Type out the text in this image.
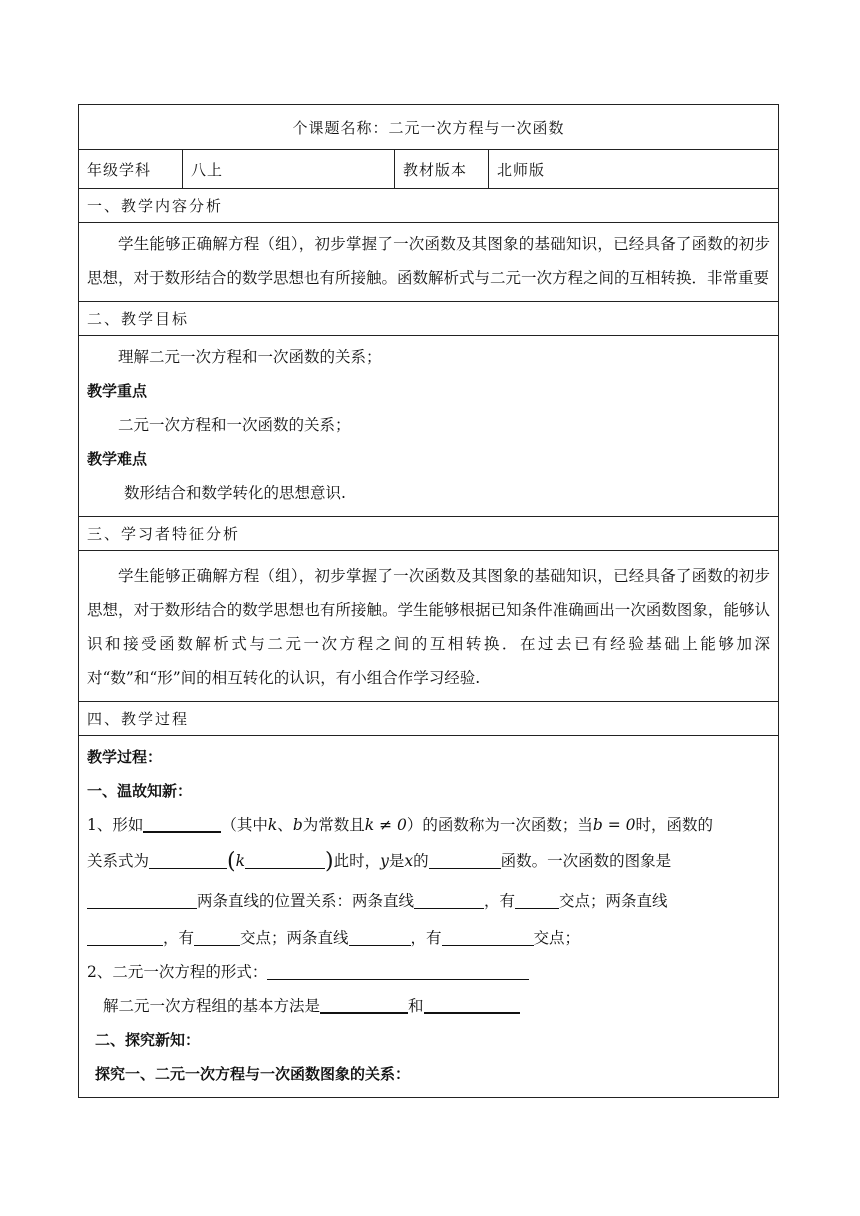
个课题名称：二元一次方程与一次函数
年级学科	八上	教材版本	北师版
一、教学内容分析

学生能够正确解方程（组），初步掌握了一次函数及其图象的基础知识，已经具备了函数的初步思想，对于数形结合的数学思想也有所接触。函数解析式与二元一次方程之间的互相转换．非常重要

二、教学目标

理解二元一次方程和一次函数的关系；

教学重点

二元一次方程和一次函数的关系；

教学难点

数形结合和数学转化的思想意识.

三、学习者特征分析

学生能够正确解方程（组），初步掌握了一次函数及其图象的基础知识，已经具备了函数的初步思想，对于数形结合的数学思想也有所接触。学生能够根据已知条件准确画出一次函数图象，能够认识和接受函数解析式与二元一次方程之间的互相转换．在过去已有经验基础上能够加深对“数”和“形”间的相互转化的认识，有小组合作学习经验.

四、教学过程

教学过程：

一、温故知新：

1、形如	（其中k、b为常数且k ≠ 0）的函数称为一次函数；当b = 0时，函数的

关系式为	(k	)此时，y是x的	函数。一次函数的图象是

两条直线的位置关系：两条直线	，有	交点；两条直线

，有	交点；两条直线	，有	交点；

2、二元一次方程的形式：

解二元一次方程组的基本方法是	和

二、探究新知：

探究一、二元一次方程与一次函数图象的关系：
